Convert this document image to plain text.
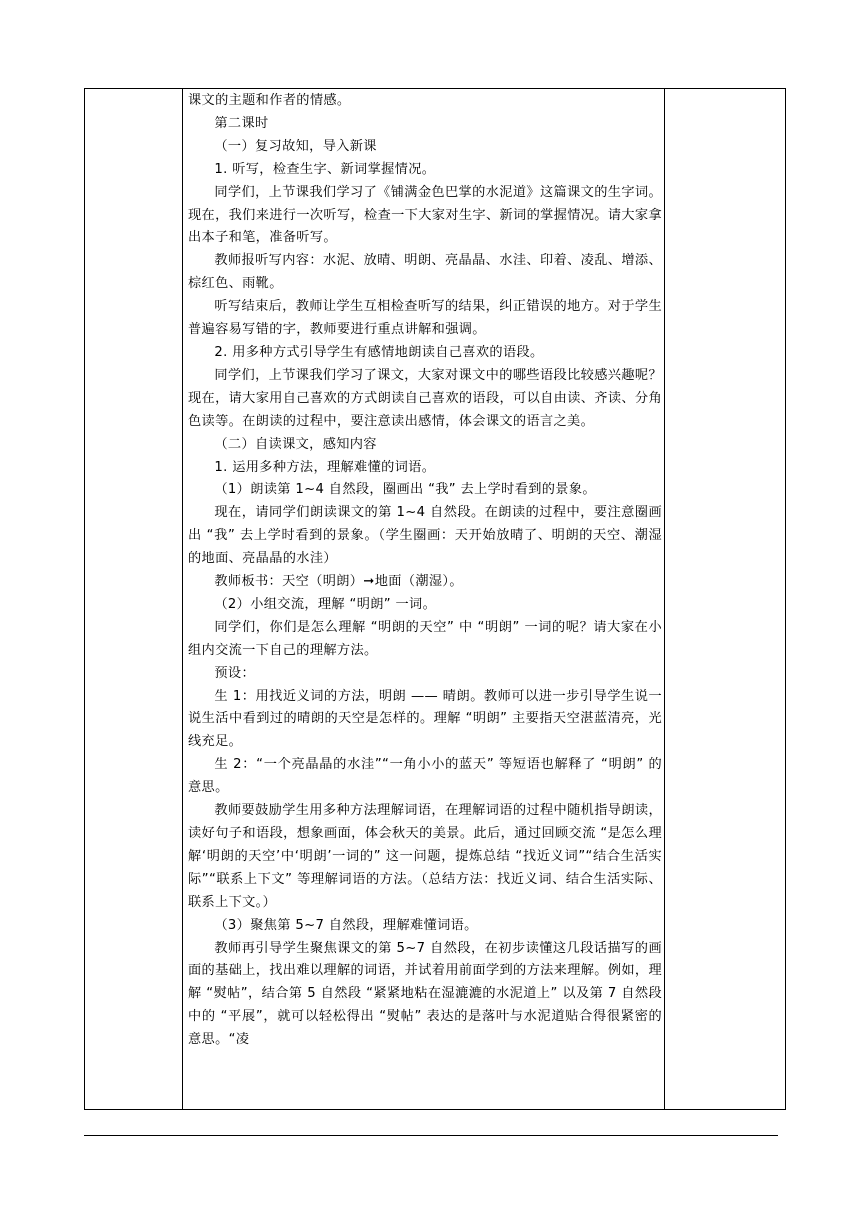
课文的主题和作者的情感。

第二课时

（一）复习故知，导入新课

1. 听写，检查生字、新词掌握情况。

同学们，上节课我们学习了《铺满金色巴掌的水泥道》这篇课文的生字词。现在，我们来进行一次听写，检查一下大家对生字、新词的掌握情况。请大家拿出本子和笔，准备听写。

教师报听写内容：水泥、放晴、明朗、亮晶晶、水洼、印着、凌乱、增添、棕红色、雨靴。

听写结束后，教师让学生互相检查听写的结果，纠正错误的地方。对于学生普遍容易写错的字，教师要进行重点讲解和强调。

2. 用多种方式引导学生有感情地朗读自己喜欢的语段。

同学们，上节课我们学习了课文，大家对课文中的哪些语段比较感兴趣呢？现在，请大家用自己喜欢的方式朗读自己喜欢的语段，可以自由读、齐读、分角色读等。在朗读的过程中，要注意读出感情，体会课文的语言之美。

（二）自读课文，感知内容

1. 运用多种方法，理解难懂的词语。

（1）朗读第 1~4 自然段，圈画出 “我” 去上学时看到的景象。

现在，请同学们朗读课文的第 1~4 自然段。在朗读的过程中，要注意圈画出 “我” 去上学时看到的景象。（学生圈画：天开始放晴了、明朗的天空、潮湿的地面、亮晶晶的水洼）

教师板书：天空（明朗）➞地面（潮湿）。

（2）小组交流，理解 “明朗” 一词。

同学们，你们是怎么理解 “明朗的天空” 中 “明朗” 一词的呢？请大家在小组内交流一下自己的理解方法。

预设：

生 1：用找近义词的方法，明朗 —— 晴朗。教师可以进一步引导学生说一说生活中看到过的晴朗的天空是怎样的。理解 “明朗” 主要指天空湛蓝清亮，光线充足。

生 2：“一个亮晶晶的水洼”“一角小小的蓝天” 等短语也解释了 “明朗” 的意思。

教师要鼓励学生用多种方法理解词语，在理解词语的过程中随机指导朗读，读好句子和语段，想象画面，体会秋天的美景。此后，通过回顾交流 “是怎么理解‘明朗的天空’中‘明朗’一词的” 这一问题，提炼总结 “找近义词”“结合生活实际”“联系上下文” 等理解词语的方法。（总结方法：找近义词、结合生活实际、联系上下文。）

（3）聚焦第 5~7 自然段，理解难懂词语。

教师再引导学生聚焦课文的第 5~7 自然段，在初步读懂这几段话描写的画面的基础上，找出难以理解的词语，并试着用前面学到的方法来理解。例如，理解 “熨帖”，结合第 5 自然段 “紧紧地粘在湿漉漉的水泥道上” 以及第 7 自然段中的 “平展”，就可以轻松得出 “熨帖” 表达的是落叶与水泥道贴合得很紧密的意思。“凌
